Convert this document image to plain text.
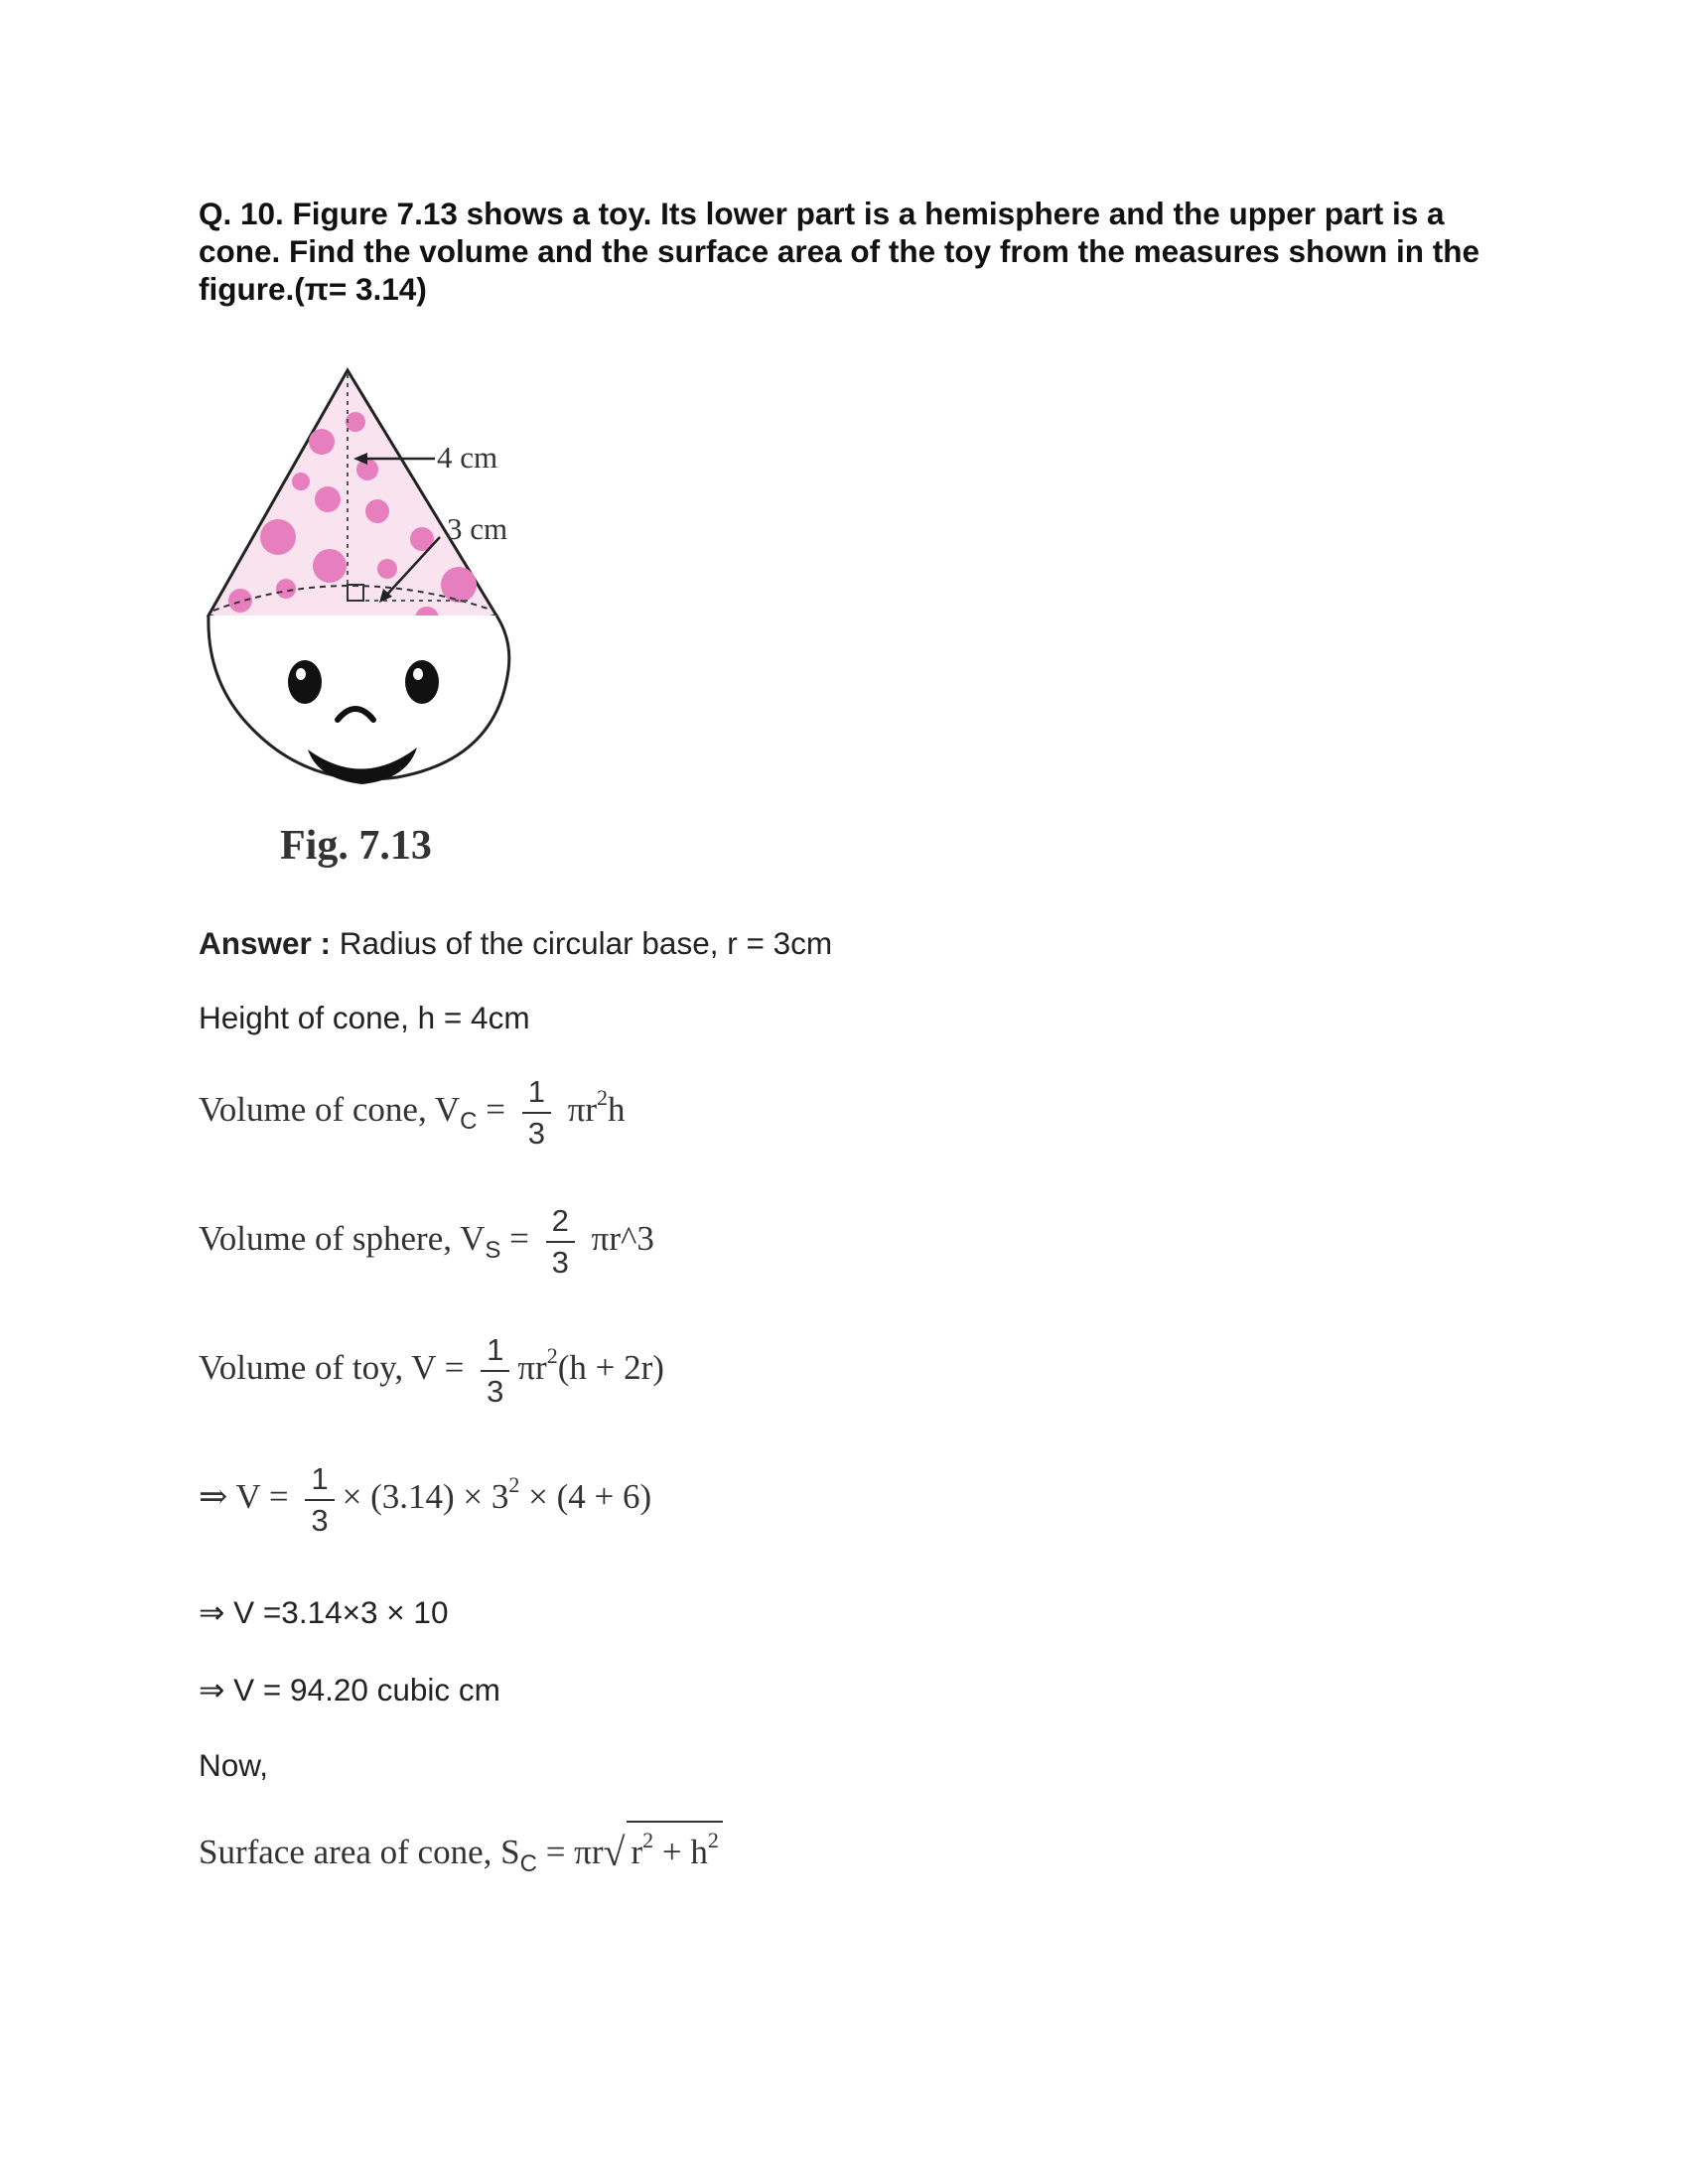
Q. 10. Figure 7.13 shows a toy. Its lower part is a hemisphere and the upper part is a cone. Find the volume and the surface area of the toy from the measures shown in the figure.(π= 3.14)
4 cm
3 cm
Fig. 7.13
Answer : Radius of the circular base, r = 3cm
Height of cone, h = 4cm
Volume of cone, $V_C = \frac{1}{3} \pi r^2h$
Volume of sphere, $V_S = \frac{2}{3}$ πr^3
Volume of toy, $V = \frac{1}{3} \pi r^2(h + 2r)$
⇒ $V = \frac{1}{3} \times (3.14) \times 3^2 \times (4 + 6)$
⇒ V =3.14×3 × 10
⇒ V = 94.20 cubic cm
Now,
Surface area of cone, $S_C = \pi r√$ $r^2 + h^2$
